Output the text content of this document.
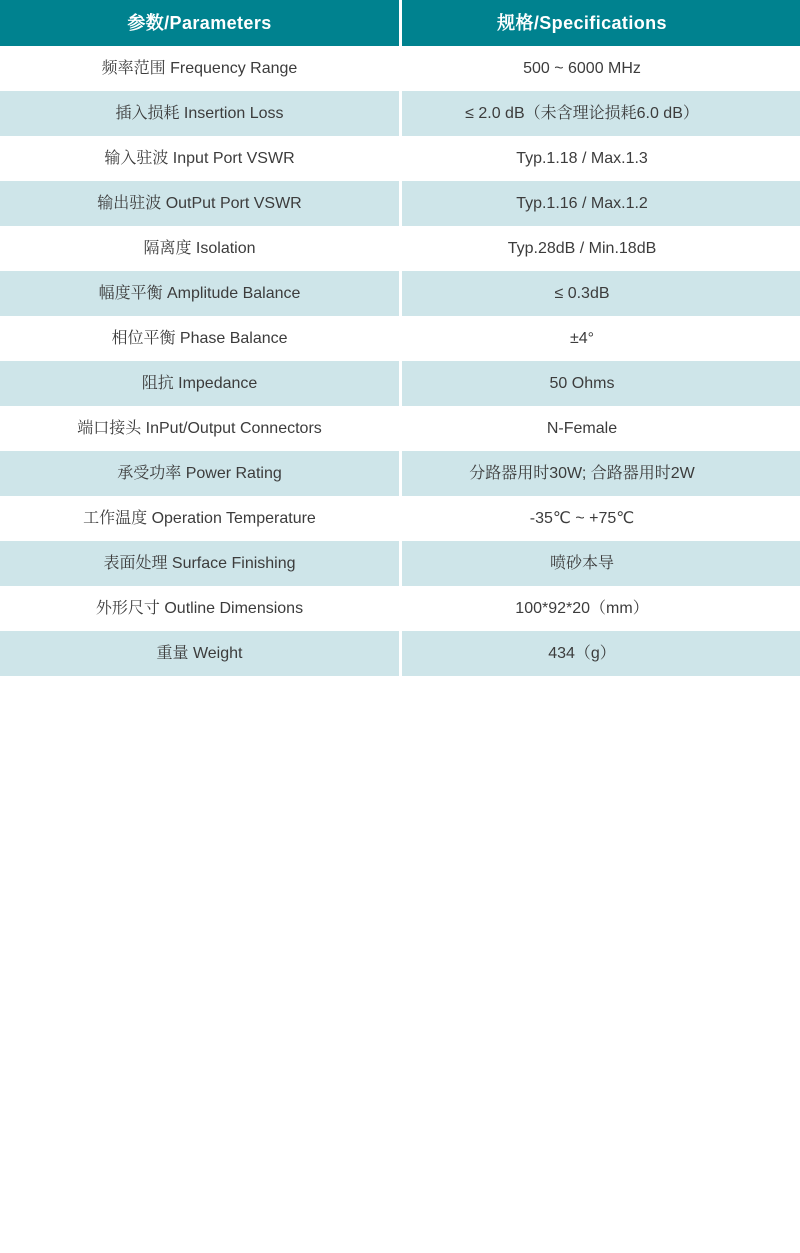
参数/Parameters	规格/Specifications
频率范围 Frequency Range	500 ~ 6000 MHz
插入损耗 Insertion Loss	≤ 2.0 dB（未含理论损耗6.0 dB）
输入驻波 Input Port VSWR	Typ.1.18 / Max.1.3
输出驻波 OutPut Port VSWR	Typ.1.16 / Max.1.2
隔离度 Isolation	Typ.28dB / Min.18dB
幅度平衡 Amplitude Balance	≤ 0.3dB
相位平衡 Phase Balance	±4°
阻抗 Impedance	50 Ohms
端口接头 InPut/Output Connectors	N-Female
承受功率 Power Rating	分路器用时30W; 合路器用时2W
工作温度 Operation Temperature	-35℃ ~ +75℃
表面处理 Surface Finishing	喷砂本导
外形尺寸 Outline Dimensions	100*92*20（mm）
重量 Weight	434（g）
